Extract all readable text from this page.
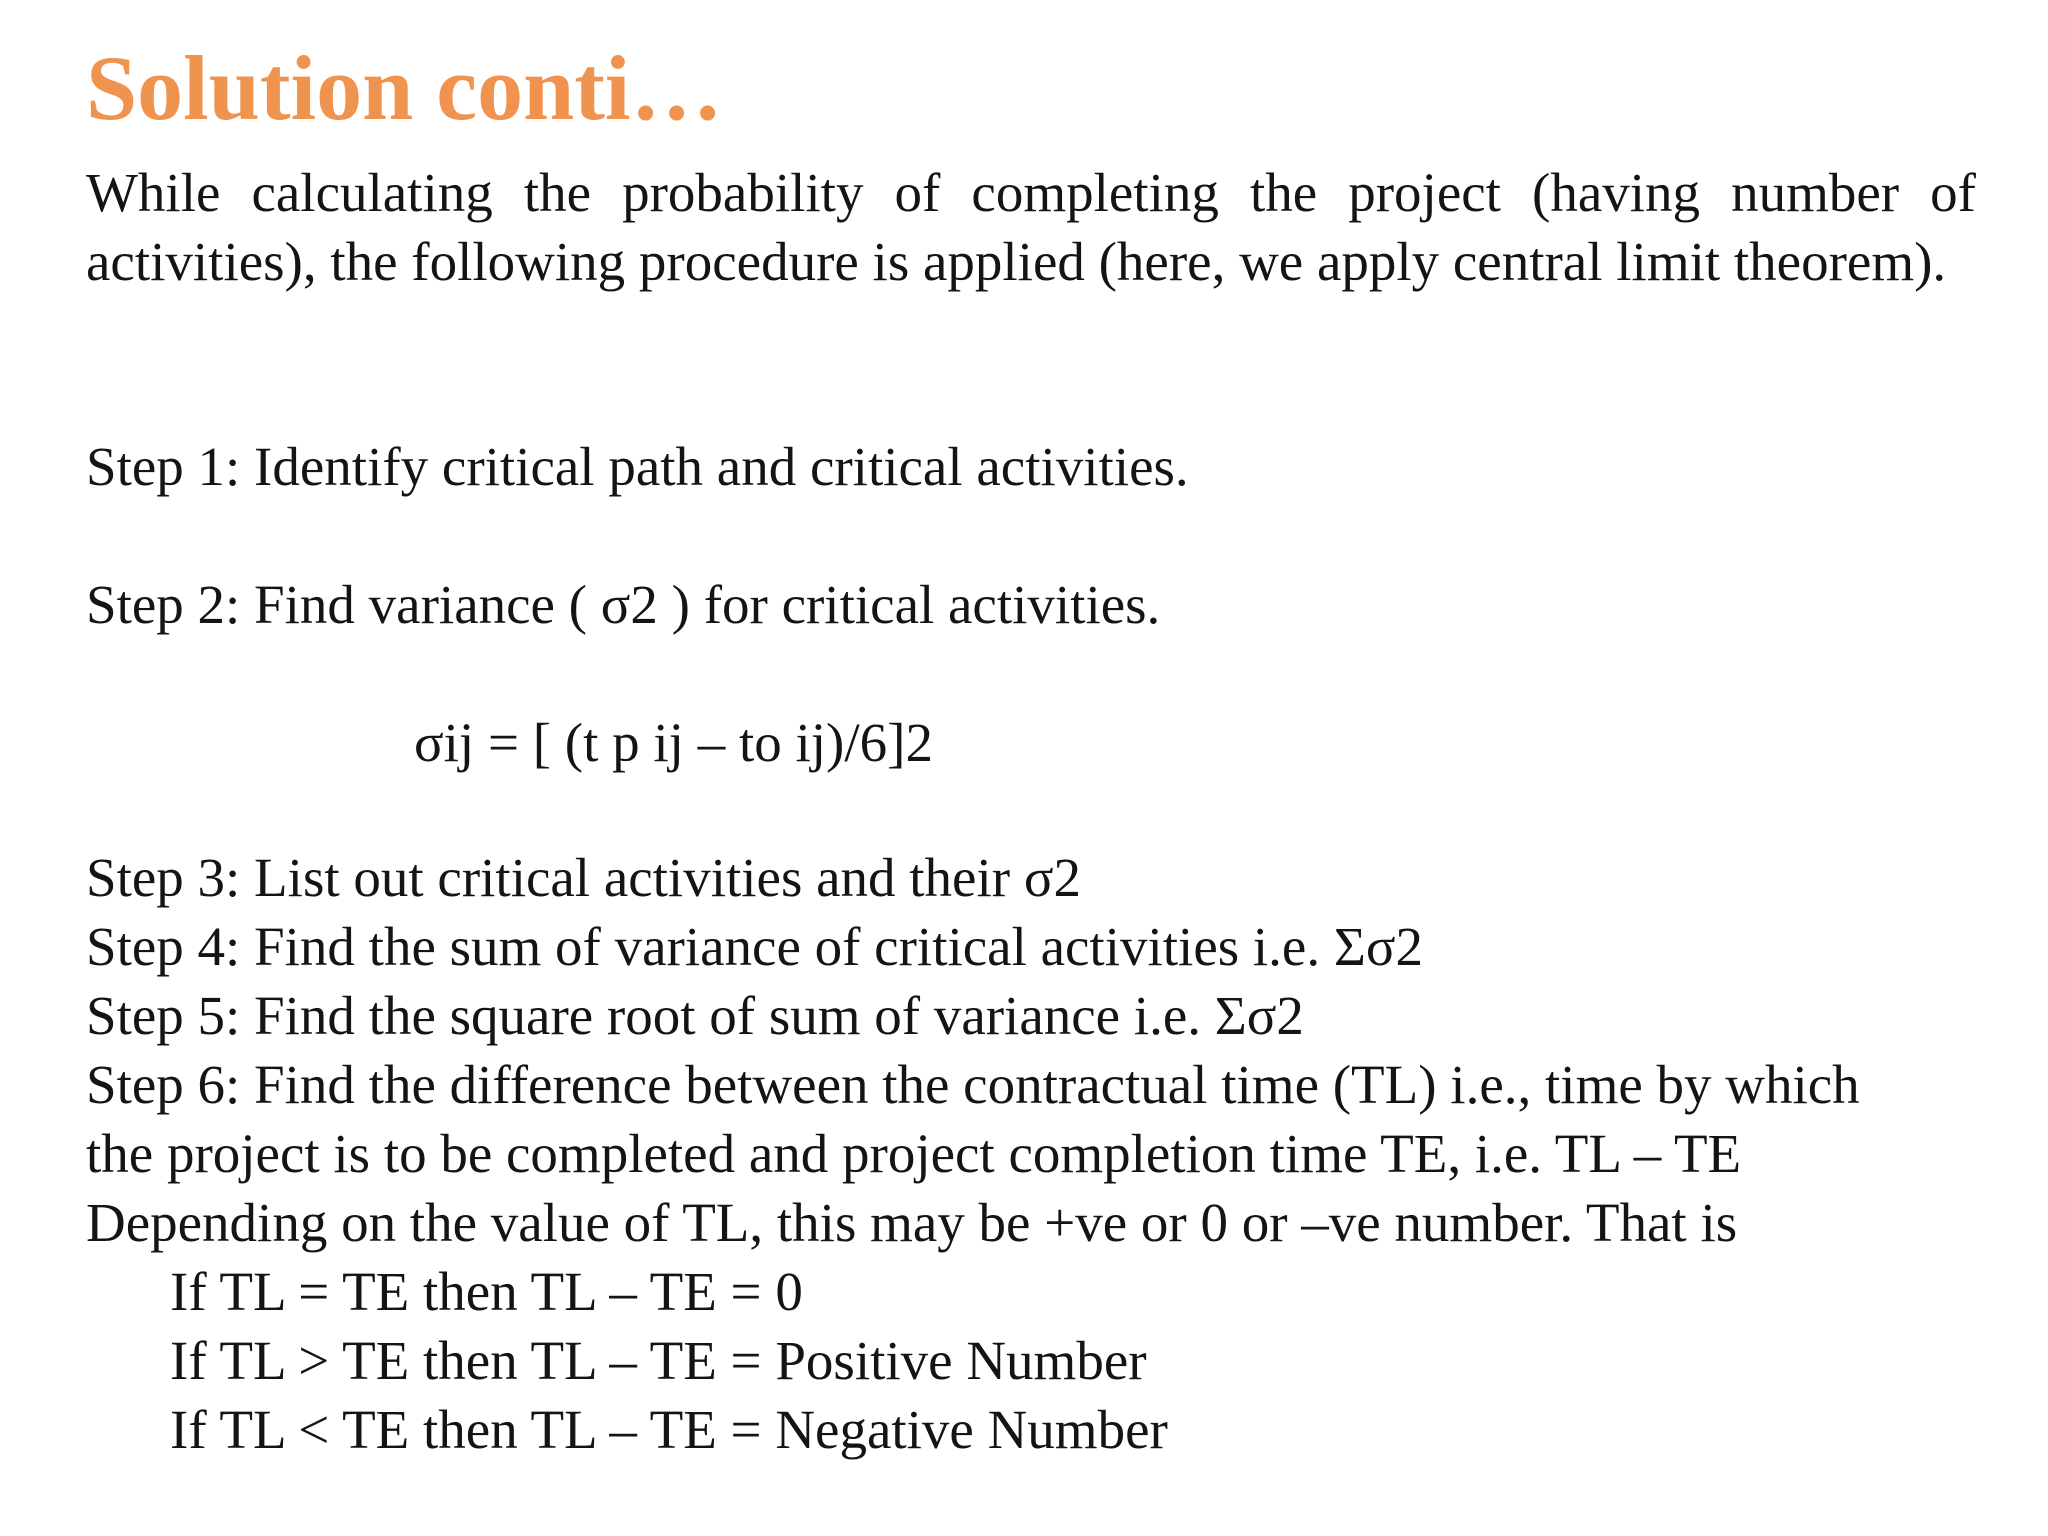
Solution conti…

While calculating the probability of completing the project (having number of activities), the following procedure is applied (here, we apply central limit theorem).

Step 1: Identify critical path and critical activities.

Step 2: Find variance ( σ2 ) for critical activities.

σij = [ (t p ij – to ij)/6]2

Step 3: List out critical activities and their σ2

Step 4: Find the sum of variance of critical activities i.e. Σσ2

Step 5: Find the square root of sum of variance i.e. Σσ2

Step 6: Find the difference between the contractual time (TL) i.e., time by which

the project is to be completed and project completion time TE, i.e. TL – TE

Depending on the value of TL, this may be +ve or 0 or –ve number. That is

If TL = TE then TL – TE = 0

If TL > TE then TL – TE = Positive Number

If TL < TE then TL – TE = Negative Number
